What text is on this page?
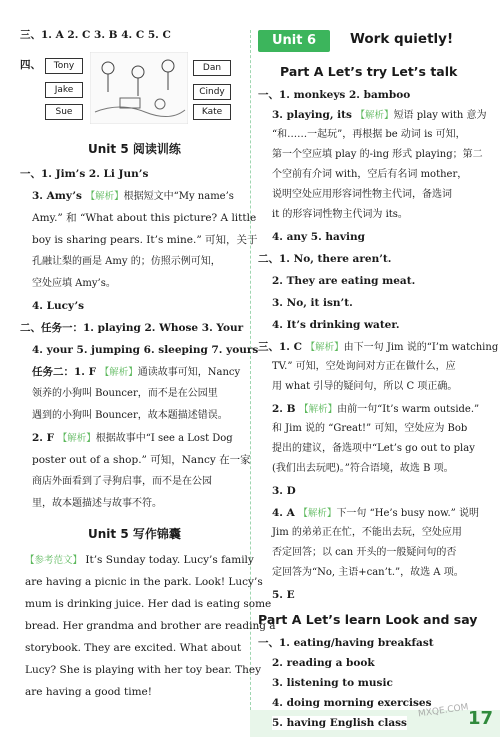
三、1. A 2. C 3. B 4. C 5. C
四、	Tony
Jake
Sue
Dan
Cindy
Kate
Unit 5 阅读训练
一、1. Jim’s 2. Li Jun’s
3. Amy’s 【解析】根据短文中“My name’s
Amy.” 和 “What about this picture? A little
boy is sharing pears. It’s mine.” 可知，关于
孔融让梨的画是 Amy 的；仿照示例可知，
空处应填 Amy’s。
4. Lucy’s
二、任务一：1. playing 2. Whose 3. Your
4. your 5. jumping 6. sleeping 7. yours
任务二：1. F 【解析】通读故事可知，Nancy
领养的小狗叫 Bouncer，而不是在公园里
遇到的小狗叫 Bouncer，故本题描述错误。
2. F 【解析】根据故事中“I see a Lost Dog
poster out of a shop.” 可知，Nancy 在一家
商店外面看到了寻狗启事，而不是在公园
里，故本题描述与故事不符。
Unit 5 写作锦囊
【参考范文】 It’s Sunday today. Lucy’s family
are having a picnic in the park. Look! Lucy’s
mum is drinking juice. Her dad is eating some
bread. Her grandma and brother are reading a
storybook. They are excited. What about
Lucy? She is playing with her toy bear. They
are having a good time!
Unit 6	Work quietly!
Part A Let’s try Let’s talk
一、1. monkeys 2. bamboo
3. playing, its 【解析】短语 play with 意为
“和……一起玩”，再根据 be 动词 is 可知，
第一个空应填 play 的-ing 形式 playing；第二
个空前有介词 with，空后有名词 mother，
说明空处应用形容词性物主代词，备选词
it 的形容词性物主代词为 its。
4. any 5. having
二、1. No, there aren’t.
2. They are eating meat.
3. No, it isn’t.
4. It’s drinking water.
三、1. C 【解析】由下一句 Jim 说的“I’m watching
TV.” 可知，空处询问对方正在做什么，应
用 what 引导的疑问句，所以 C 项正确。
2. B 【解析】由前一句“It’s warm outside.”
和 Jim 说的 “Great!” 可知，空处应为 Bob
提出的建议，备选项中“Let’s go out to play
(我们出去玩吧)。”符合语境，故选 B 项。
3. D
4. A 【解析】下一句 “He’s busy now.” 说明
Jim 的弟弟正在忙，不能出去玩，空处应用
否定回答；以 can 开头的一般疑问句的否
定回答为“No, 主语+can’t.”，故选 A 项。
5. E
Part A Let’s learn Look and say
一、1. eating/having breakfast
2. reading a book
3. listening to music
4. doing morning exercises
5. having English class
MXQE.COM
17
